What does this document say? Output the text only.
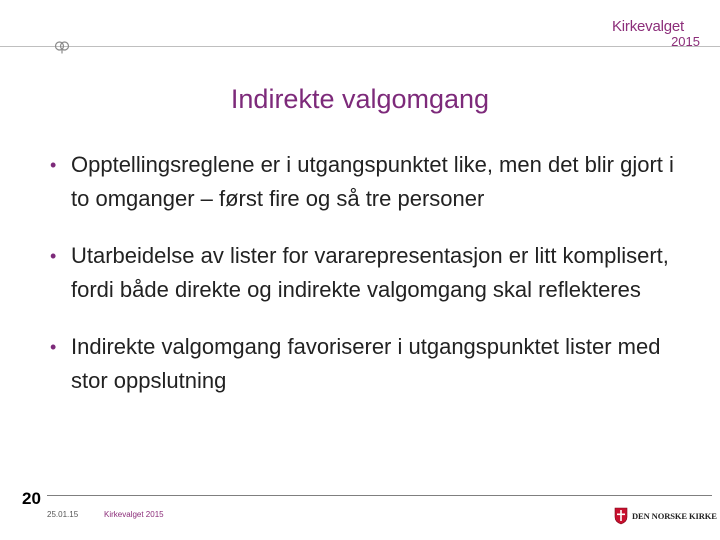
Kirkevalget
2015
Indirekte valgomgang
• Opptellingsreglene er i utgangspunktet like, men det blir gjort i to omganger – først fire og så tre personer
• Utarbeidelse av lister for vararepresentasjon er litt komplisert, fordi både direkte og indirekte valgomgang skal reflekteres
• Indirekte valgomgang favoriserer i utgangspunktet lister med stor oppslutning
20
25.01.15	Kirkevalget 2015	DEN NORSKE KIRKE
